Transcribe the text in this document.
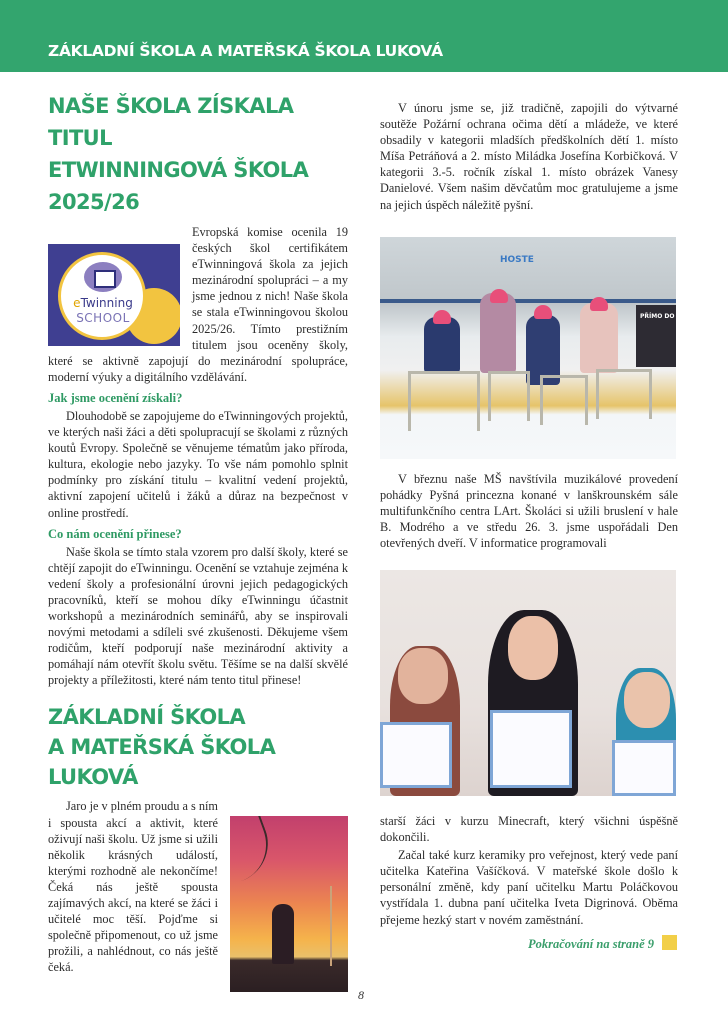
ZÁKLADNÍ ŠKOLA A MATEŘSKÁ ŠKOLA LUKOVÁ
NAŠE ŠKOLA ZÍSKALA TITUL
ETWINNINGOVÁ ŠKOLA
2025/26
eTwinning
SCHOOL

Evropská komise ocenila 19 českých škol certifikátem eTwinningová škola za jejich mezinárodní spolupráci – a my jsme jednou z nich! Naše škola se stala eTwinningovou školou 2025/26. Tímto prestižním titulem jsou oceněny školy, které se aktivně zapojují do mezinárodní spolupráce, moderní výuky a digitálního vzdělávání.

Jak jsme ocenění získali?

Dlouhodobě se zapojujeme do eTwinningových projektů, ve kterých naši žáci a děti spolupracují se školami z různých koutů Evropy. Společně se věnujeme tématům jako příroda, kultura, ekologie nebo jazyky. To vše nám pomohlo splnit podmínky pro získání titulu – kvalitní vedení projektů, aktivní zapojení učitelů i žáků a důraz na bezpečnost v online prostředí.

Co nám ocenění přinese?

Naše škola se tímto stala vzorem pro další školy, které se chtějí zapojit do eTwinningu. Ocenění se vztahuje zejména k vedení školy a profesionální úrovni jejich pedagogických pracovníků, kteří se mohou díky eTwinningu účastnit workshopů a mezinárodních seminářů, aby se inspirovali novými metodami a sdíleli své zkušenosti. Děkujeme všem rodičům, kteří podporují naše mezinárodní aktivity a pomáhají nám otevřít školu světu. Těšíme se na další skvělé projekty a příležitosti, které nám tento titul přinese!

ZÁKLADNÍ ŠKOLA
A MATEŘSKÁ ŠKOLA LUKOVÁ

Jaro je v plném proudu a s ním i spousta akcí a aktivit, které oživují naši školu. Už jsme si užili několik krásných událostí, kterými rozhodně ale nekončíme! Čeká nás ještě spousta zajímavých akcí, na které se žáci i učitelé moc těší. Pojďme si společně připomenout, co už jsme prožili, a nahlédnout, co nás ještě čeká.

V únoru jsme se, již tradičně, zapojili do výtvarné soutěže Požární ochrana očima dětí a mládeže, ve které obsadily v kategorii mladších předškolních dětí 1. místo Míša Petráňová a 2. místo Miládka Josefína Korbičková. V kategorii 3.-5. ročník získal 1. místo obrázek Vanesy Danielové. Všem našim děvčatům moc gratulujeme a jsme na jejich úspěch náležitě pyšní.

HOSTE
PŘÍMO DO

V březnu naše MŠ navštívila muzikálové provedení pohádky Pyšná princezna konané v lanškrounském sále multifunkčního centra LArt. Školáci si užili bruslení v hale B. Modrého a ve středu 26. 3. jsme uspořádali Den otevřených dveří. V informatice programovali

starší žáci v kurzu Minecraft, který všichni úspěšně dokončili.

Začal také kurz keramiky pro veřejnost, který vede paní učitelka Kateřina Vašíčková. V mateřské škole došlo k personální změně, kdy paní učitelku Martu Poláčkovou vystřídala 1. dubna paní učitelka Iveta Digrinová. Oběma přejeme hezký start v novém zaměstnání.

Pokračování na straně 9
8
